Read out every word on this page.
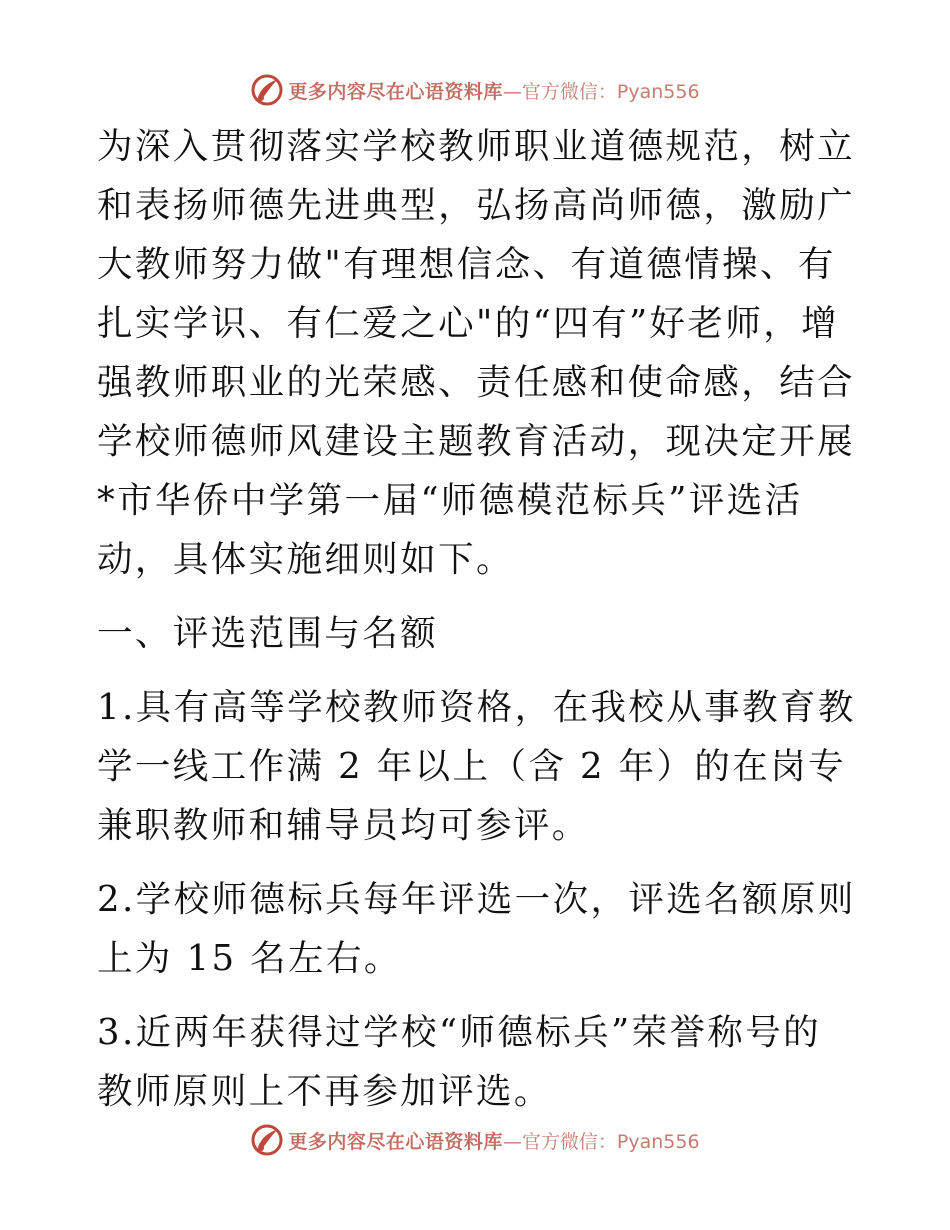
更多内容尽在心语资料库 —官方微信：Pyan556

为深入贯彻落实学校教师职业道德规范，树立和表扬师德先进典型，弘扬高尚师德，激励广大教师努力做"有理想信念、有道德情操、有扎实学识、有仁爱之心"的“四有”好老师，增强教师职业的光荣感、责任感和使命感，结合学校师德师风建设主题教育活动，现决定开展*市华侨中学第一届“师德模范标兵”评选活动，具体实施细则如下。

一、评选范围与名额

1.具有高等学校教师资格，在我校从事教育教学一线工作满 2 年以上（含 2 年）的在岗专兼职教师和辅导员均可参评。

2.学校师德标兵每年评选一次，评选名额原则上为 15 名左右。

3.近两年获得过学校“师德标兵”荣誉称号的教师原则上不再参加评选。

更多内容尽在心语资料库 —官方微信：Pyan556
